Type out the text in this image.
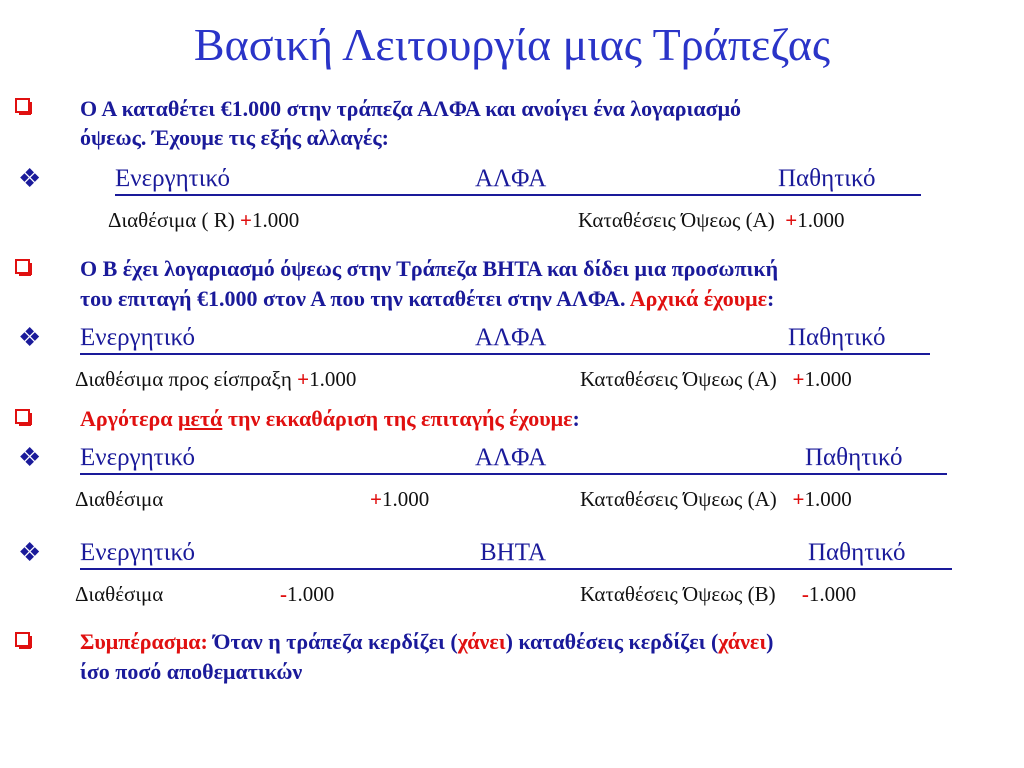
Βασική Λειτουργία μιας Τράπεζας
Ο Α καταθέτει €1.000 στην τράπεζα ΑΛΦΑ και ανοίγει ένα λογαριασμό
όψεως. Έχουμε τις εξής αλλαγές:
❖	Ενεργητικό	ΑΛΦΑ	Παθητικό
Διαθέσιμα ( R) +1.000	Καταθέσεις Όψεως (Α)  +1.000
Ο Β έχει λογαριασμό όψεως στην Τράπεζα ΒΗΤΑ και δίδει μια προσωπική
του επιταγή €1.000 στον Α που την καταθέτει στην ΑΛΦΑ. Αρχικά έχουμε:
❖ Ενεργητικό	ΑΛΦΑ	Παθητικό
Διαθέσιμα προς είσπραξη +1.000	Καταθέσεις Όψεως (Α)   +1.000
Αργότερα μετά την εκκαθάριση της επιταγής έχουμε:
❖ Ενεργητικό	ΑΛΦΑ	Παθητικό
Διαθέσιμα	+1.000	Καταθέσεις Όψεως (Α)   +1.000
❖ Ενεργητικό	ΒΗΤΑ	Παθητικό
Διαθέσιμα	-1.000	Καταθέσεις Όψεως (Β)     -1.000
Συμπέρασμα: Όταν η τράπεζα κερδίζει (χάνει) καταθέσεις κερδίζει (χάνει)
ίσο ποσό αποθεματικών
